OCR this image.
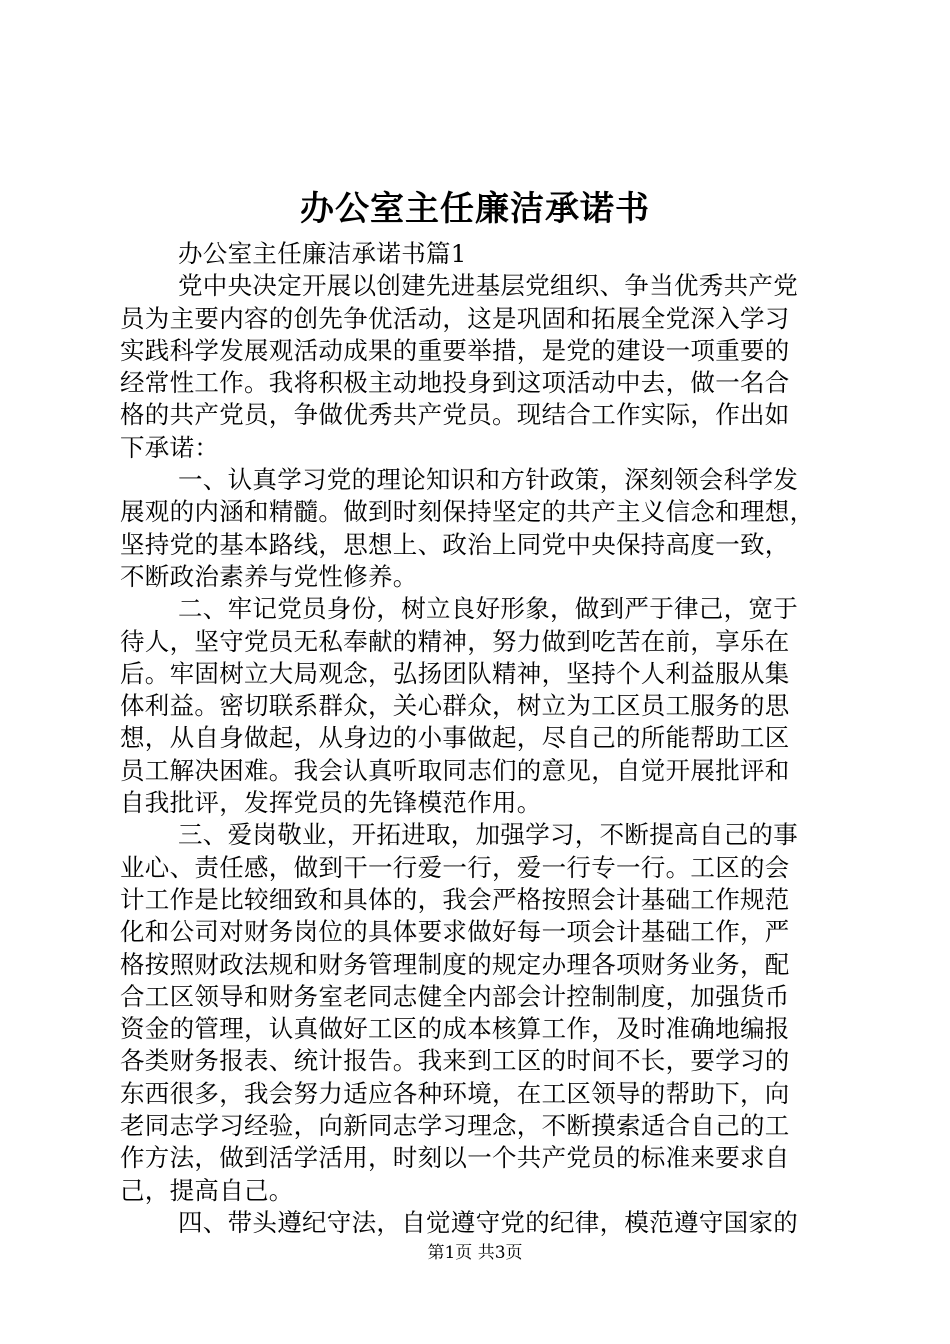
办公室主任廉洁承诺书
办公室主任廉洁承诺书篇1
党中央决定开展以创建先进基层党组织、争当优秀共产党
员为主要内容的创先争优活动，这是巩固和拓展全党深入学习
实践科学发展观活动成果的重要举措，是党的建设一项重要的
经常性工作。我将积极主动地投身到这项活动中去，做一名合
格的共产党员，争做优秀共产党员。现结合工作实际，作出如
下承诺：
一、认真学习党的理论知识和方针政策，深刻领会科学发
展观的内涵和精髓。做到时刻保持坚定的共产主义信念和理想，
坚持党的基本路线，思想上、政治上同党中央保持高度一致，
不断政治素养与党性修养。
二、牢记党员身份，树立良好形象，做到严于律己，宽于
待人，坚守党员无私奉献的精神，努力做到吃苦在前，享乐在
后。牢固树立大局观念，弘扬团队精神，坚持个人利益服从集
体利益。密切联系群众，关心群众，树立为工区员工服务的思
想，从自身做起，从身边的小事做起，尽自己的所能帮助工区
员工解决困难。我会认真听取同志们的意见，自觉开展批评和
自我批评，发挥党员的先锋模范作用。
三、爱岗敬业，开拓进取，加强学习，不断提高自己的事
业心、责任感，做到干一行爱一行，爱一行专一行。工区的会
计工作是比较细致和具体的，我会严格按照会计基础工作规范
化和公司对财务岗位的具体要求做好每一项会计基础工作，严
格按照财政法规和财务管理制度的规定办理各项财务业务，配
合工区领导和财务室老同志健全内部会计控制制度，加强货币
资金的管理，认真做好工区的成本核算工作，及时准确地编报
各类财务报表、统计报告。我来到工区的时间不长，要学习的
东西很多，我会努力适应各种环境，在工区领导的帮助下，向
老同志学习经验，向新同志学习理念，不断摸索适合自己的工
作方法，做到活学活用，时刻以一个共产党员的标准来要求自
己，提高自己。
四、带头遵纪守法，自觉遵守党的纪律，模范遵守国家的
第1页 共3页
